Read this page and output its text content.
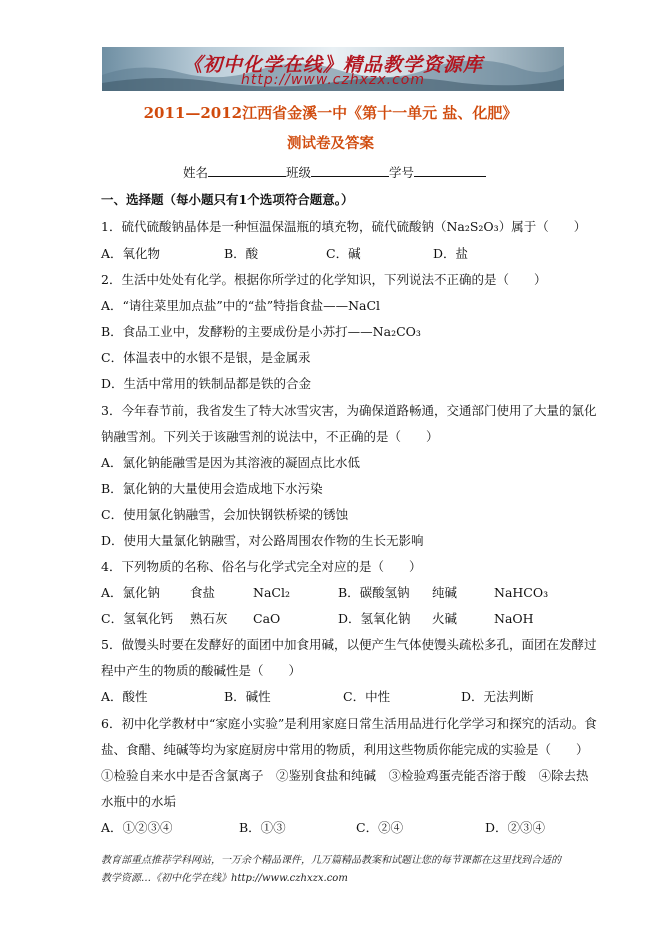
《初中化学在线》精品教学资源库
http://www.czhxzx.com
2011—2012江西省金溪一中《第十一单元 盐、化肥》
测试卷及答案
姓名	班级	学号
一、选择题（每小题只有1个选项符合题意。）
1．硫代硫酸钠晶体是一种恒温保温瓶的填充物，硫代硫酸钠（Na₂S₂O₃）属于（　　）
A．氧化物	B．酸	C．碱	D．盐
2．生活中处处有化学。根据你所学过的化学知识，下列说法不正确的是（　　）
A．“请往菜里加点盐”中的“盐”特指食盐——NaCl
B．食品工业中，发酵粉的主要成份是小苏打——Na₂CO₃
C．体温表中的水银不是银，是金属汞
D．生活中常用的铁制品都是铁的合金
3．今年春节前，我省发生了特大冰雪灾害，为确保道路畅通，交通部门使用了大量的氯化
钠融雪剂。下列关于该融雪剂的说法中，不正确的是（　　）
A．氯化钠能融雪是因为其溶液的凝固点比水低
B．氯化钠的大量使用会造成地下水污染
C．使用氯化钠融雪，会加快钢铁桥梁的锈蚀
D．使用大量氯化钠融雪，对公路周围农作物的生长无影响
4．下列物质的名称、俗名与化学式完全对应的是（　　）
A．氯化钠 食盐	NaCl₂	B．碳酸氢钠 纯碱	NaHCO₃
C．氢氧化钙 熟石灰 CaO	D．氢氧化钠 火碱	NaOH
5．做馒头时要在发酵好的面团中加食用碱，以便产生气体使馒头疏松多孔，面团在发酵过
程中产生的物质的酸碱性是（　　）
A．酸性	B．碱性	C．中性	D．无法判断
6．初中化学教材中“家庭小实验”是利用家庭日常生活用品进行化学学习和探究的活动。食
盐、食醋、纯碱等均为家庭厨房中常用的物质，利用这些物质你能完成的实验是（　　）
①检验自来水中是否含氯离子　②鉴别食盐和纯碱　③检验鸡蛋壳能否溶于酸　④除去热
水瓶中的水垢
A．①②③④	B．①③	C．②④	D．②③④
教育部重点推荐学科网站，一万余个精品课件，几万篇精品教案和试题让您的每节课都在这里找到合适的
教学资源…《初中化学在线》http://www.czhxzx.com
